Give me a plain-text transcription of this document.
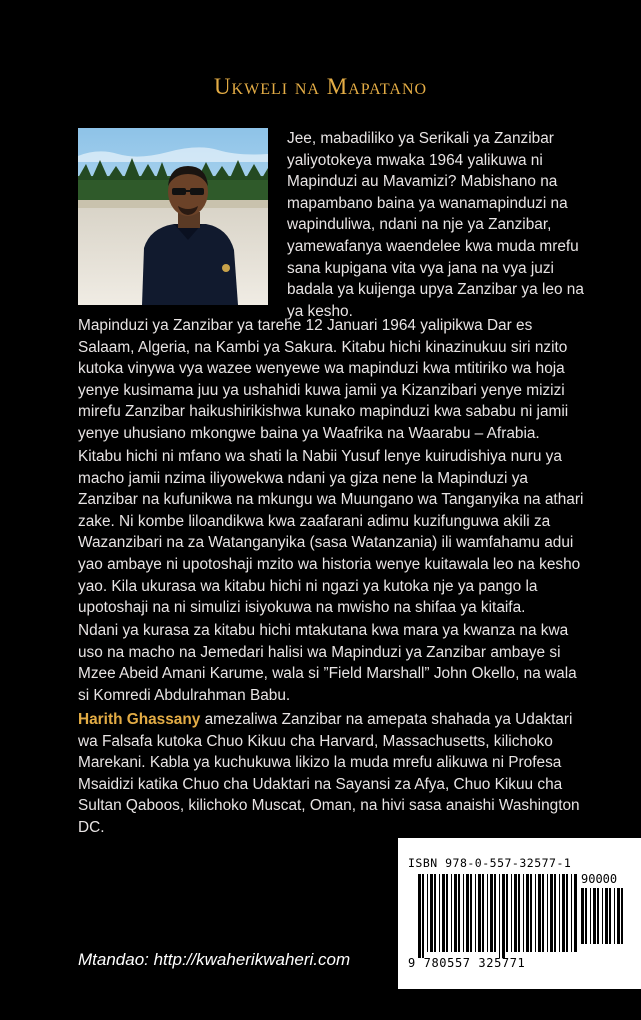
Ukweli na Mapatano

Jee, mabadiliko ya Serikali ya Zanzibar yaliyotokeya mwaka 1964 yalikuwa ni Mapinduzi au Mavamizi? Mabishano na mapambano baina ya wanamapinduzi na wapinduliwa, ndani na nje ya Zanzibar, yamewafanya waendelee kwa muda mrefu sana kupigana vita vya jana na vya juzi badala ya kuijenga upya Zanzibar ya leo na ya kesho.

Mapinduzi ya Zanzibar ya tarehe 12 Januari 1964 yalipikwa Dar es Salaam, Algeria, na Kambi ya Sakura. Kitabu hichi kinazinukuu siri nzito kutoka vinywa vya wazee wenyewe wa mapinduzi kwa mtitiriko wa hoja yenye kusimama juu ya ushahidi kuwa jamii ya Kizanzibari yenye mizizi mirefu Zanzibar haikushirikishwa kunako mapinduzi kwa sababu ni jamii yenye uhusiano mkongwe baina ya Waafrika na Waarabu – Afrabia.

Kitabu hichi ni mfano wa shati la Nabii Yusuf lenye kuirudishiya nuru ya macho jamii nzima iliyowekwa ndani ya giza nene la Mapinduzi ya Zanzibar na kufunikwa na mkungu wa Muungano wa Tanganyika na athari zake. Ni kombe liloandikwa kwa zaafarani adimu kuzifunguwa akili za Wazanzibari na za Watanganyika (sasa Watanzania) ili wamfahamu adui yao ambaye ni upotoshaji mzito wa historia wenye kuitawala leo na kesho yao. Kila ukurasa wa kitabu hichi ni ngazi ya kutoka nje ya pango la upotoshaji na ni simulizi isiyokuwa na mwisho na shifaa ya kitaifa.

Ndani ya kurasa za kitabu hichi mtakutana kwa mara ya kwanza na kwa uso na macho na Jemedari halisi wa Mapinduzi ya Zanzibar ambaye si Mzee Abeid Amani Karume, wala si ”Field Marshall” John Okello, na wala si Komredi Abdulrahman Babu.

Harith Ghassany amezaliwa Zanzibar na amepata shahada ya Udaktari wa Falsafa kutoka Chuo Kikuu cha Harvard, Massachusetts, kilichoko Marekani. Kabla ya kuchukuwa likizo la muda mrefu alikuwa ni Profesa Msaidizi katika Chuo cha Udaktari na Sayansi za Afya, Chuo Kikuu cha Sultan Qaboos, kilichoko Muscat, Oman, na hivi sasa anaishi Washington DC.

ISBN 978-0-557-32577-1
90000
9 780557 325771
Mtandao: http://kwaherikwaheri.com
